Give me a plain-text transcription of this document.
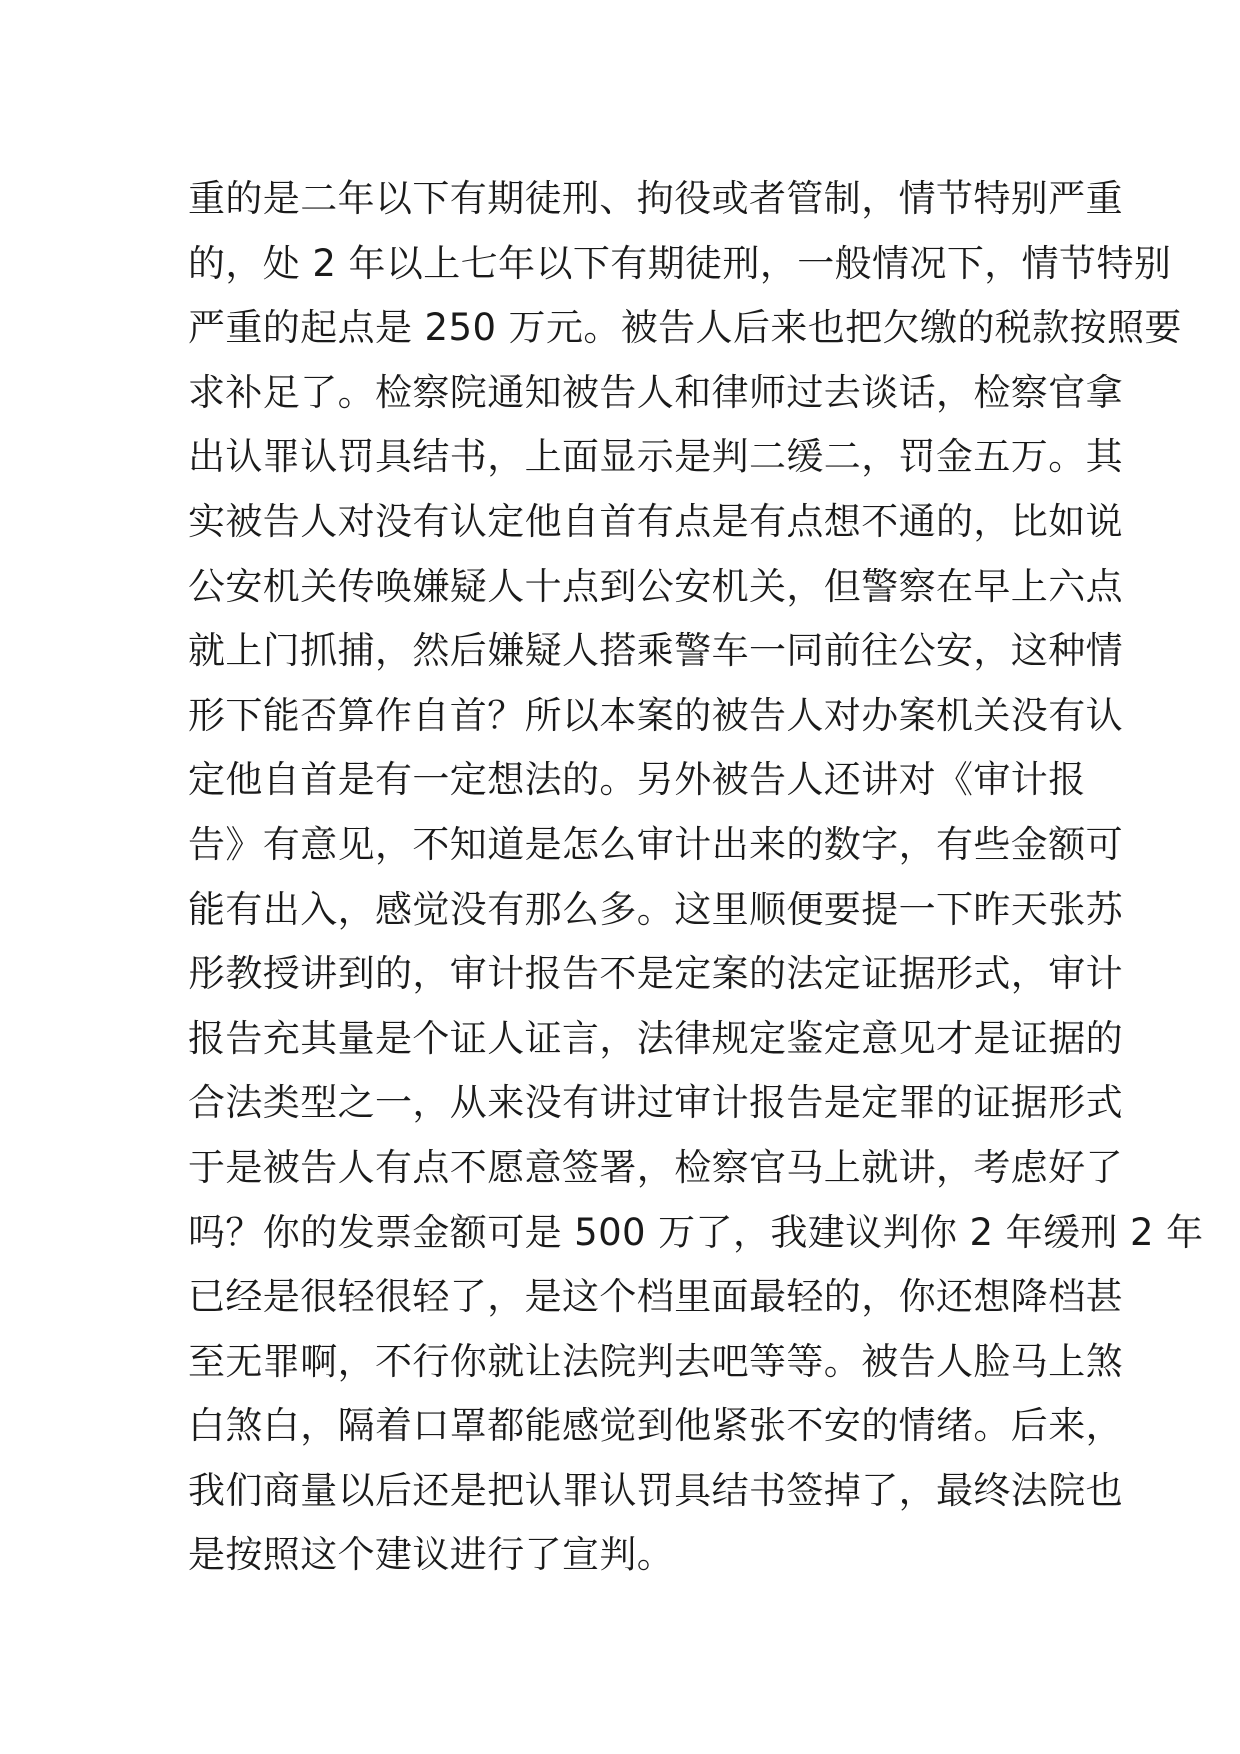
重的是二年以下有期徒刑、拘役或者管制，情节特别严重
的，处 2 年以上七年以下有期徒刑，一般情况下，情节特别
严重的起点是 250 万元。被告人后来也把欠缴的税款按照要
求补足了。检察院通知被告人和律师过去谈话，检察官拿
出认罪认罚具结书，上面显示是判二缓二，罚金五万。其
实被告人对没有认定他自首有点是有点想不通的，比如说
公安机关传唤嫌疑人十点到公安机关，但警察在早上六点
就上门抓捕，然后嫌疑人搭乘警车一同前往公安，这种情
形下能否算作自首？所以本案的被告人对办案机关没有认
定他自首是有一定想法的。另外被告人还讲对《审计报
告》有意见，不知道是怎么审计出来的数字，有些金额可
能有出入，感觉没有那么多。这里顺便要提一下昨天张苏
彤教授讲到的，审计报告不是定案的法定证据形式，审计
报告充其量是个证人证言，法律规定鉴定意见才是证据的
合法类型之一，从来没有讲过审计报告是定罪的证据形式
于是被告人有点不愿意签署，检察官马上就讲，考虑好了
吗？你的发票金额可是 500 万了，我建议判你 2 年缓刑 2 年
已经是很轻很轻了，是这个档里面最轻的，你还想降档甚
至无罪啊，不行你就让法院判去吧等等。被告人脸马上煞
白煞白，隔着口罩都能感觉到他紧张不安的情绪。后来，
我们商量以后还是把认罪认罚具结书签掉了，最终法院也
是按照这个建议进行了宣判。
